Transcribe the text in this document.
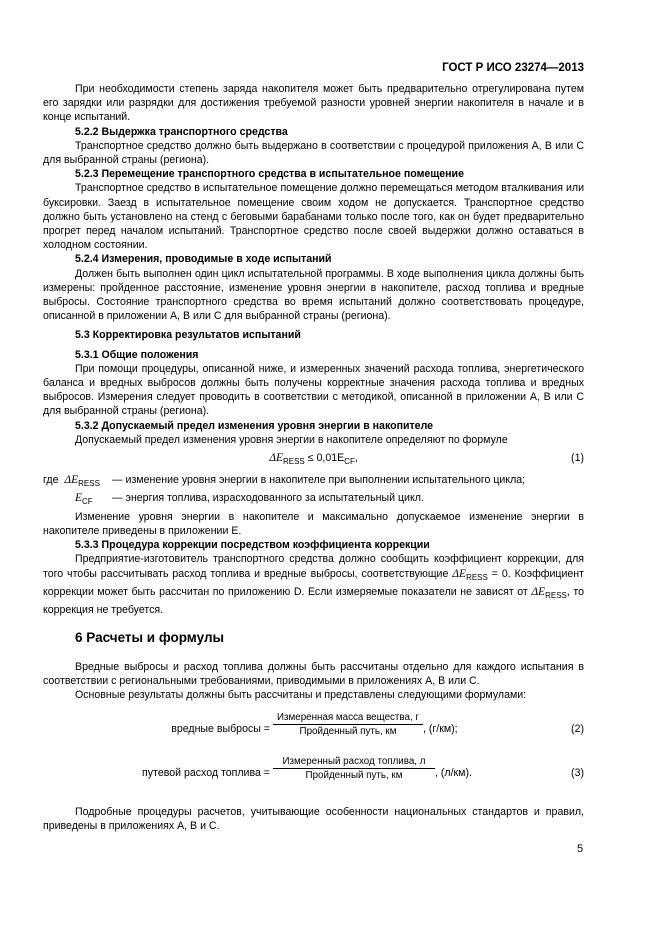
ГОСТ Р ИСО 23274—2013

При необходимости степень заряда накопителя может быть предварительно отрегулирована путем его зарядки или разрядки для достижения требуемой разности уровней энергии накопителя в начале и в конце испытаний.

5.2.2 Выдержка транспортного средства

Транспортное средство должно быть выдержано в соответствии с процедурой приложения А, В или С для выбранной страны (региона).

5.2.3 Перемещение транспортного средства в испытательное помещение

Транспортное средство в испытательное помещение должно перемещаться методом вталкивания или буксировки. Заезд в испытательное помещение своим ходом не допускается. Транспортное средство должно быть установлено на стенд с беговыми барабанами только после того, как он будет предварительно прогрет перед началом испытаний. Транспортное средство после своей выдержки должно оставаться в холодном состоянии.

5.2.4 Измерения, проводимые в ходе испытаний

Должен быть выполнен один цикл испытательной программы. В ходе выполнения цикла должны быть измерены: пройденное расстояние, изменение уровня энергии в накопителе, расход топлива и вредные выбросы. Состояние транспортного средства во время испытаний должно соответствовать процедуре, описанной в приложении А, В или С для выбранной страны (региона).

5.3 Корректировка результатов испытаний
5.3.1 Общие положения

При помощи процедуры, описанной ниже, и измеренных значений расхода топлива, энергетического баланса и вредных выбросов должны быть получены корректные значения расхода топлива и вредных выбросов. Измерения следует проводить в соответствии с методикой, описанной в приложении А, В или С для выбранной страны (региона).

5.3.2 Допускаемый предел изменения уровня энергии в накопителе

Допускаемый предел изменения уровня энергии в накопителе определяют по формуле

$\Delta E_{RESS} \le 0,01E_{CF}$,	(1)
где $\Delta E_{RESS}$	— изменение уровня энергии в накопителе при выполнении испытательного цикла;
$E_{CF}$	— энергия топлива, израсходованного за испытательный цикл.

Изменение уровня энергии в накопителе и максимально допускаемое изменение энергии в накопителе приведены в приложении Е.

5.3.3 Процедура коррекции посредством коэффициента коррекции

Предприятие-изготовитель транспортного средства должно сообщить коэффициент коррекции, для того чтобы рассчитывать расход топлива и вредные выбросы, соответствующие $\Delta E_{RESS} = 0$. Коэффициент коррекции может быть рассчитан по приложению D. Если измеряемые показатели не зависят от $\Delta E_{RESS}$, то коррекция не требуется.

6 Расчеты и формулы

Вредные выбросы и расход топлива должны быть рассчитаны отдельно для каждого испытания в соответствии с региональными требованиями, приводимыми в приложениях А, В или С.

Основные результаты должны быть рассчитаны и представлены следующими формулами:

вредные выбросы =
Измеренная масса вещества, г
Пройденный путь, км	, (г/км);	(2)
путевой расход топлива =
Измеренный расход топлива, л
Пройденный путь, км	, (л/км).	(3)

Подробные процедуры расчетов, учитывающие особенности национальных стандартов и правил, приведены в приложениях А, В и С.

5
